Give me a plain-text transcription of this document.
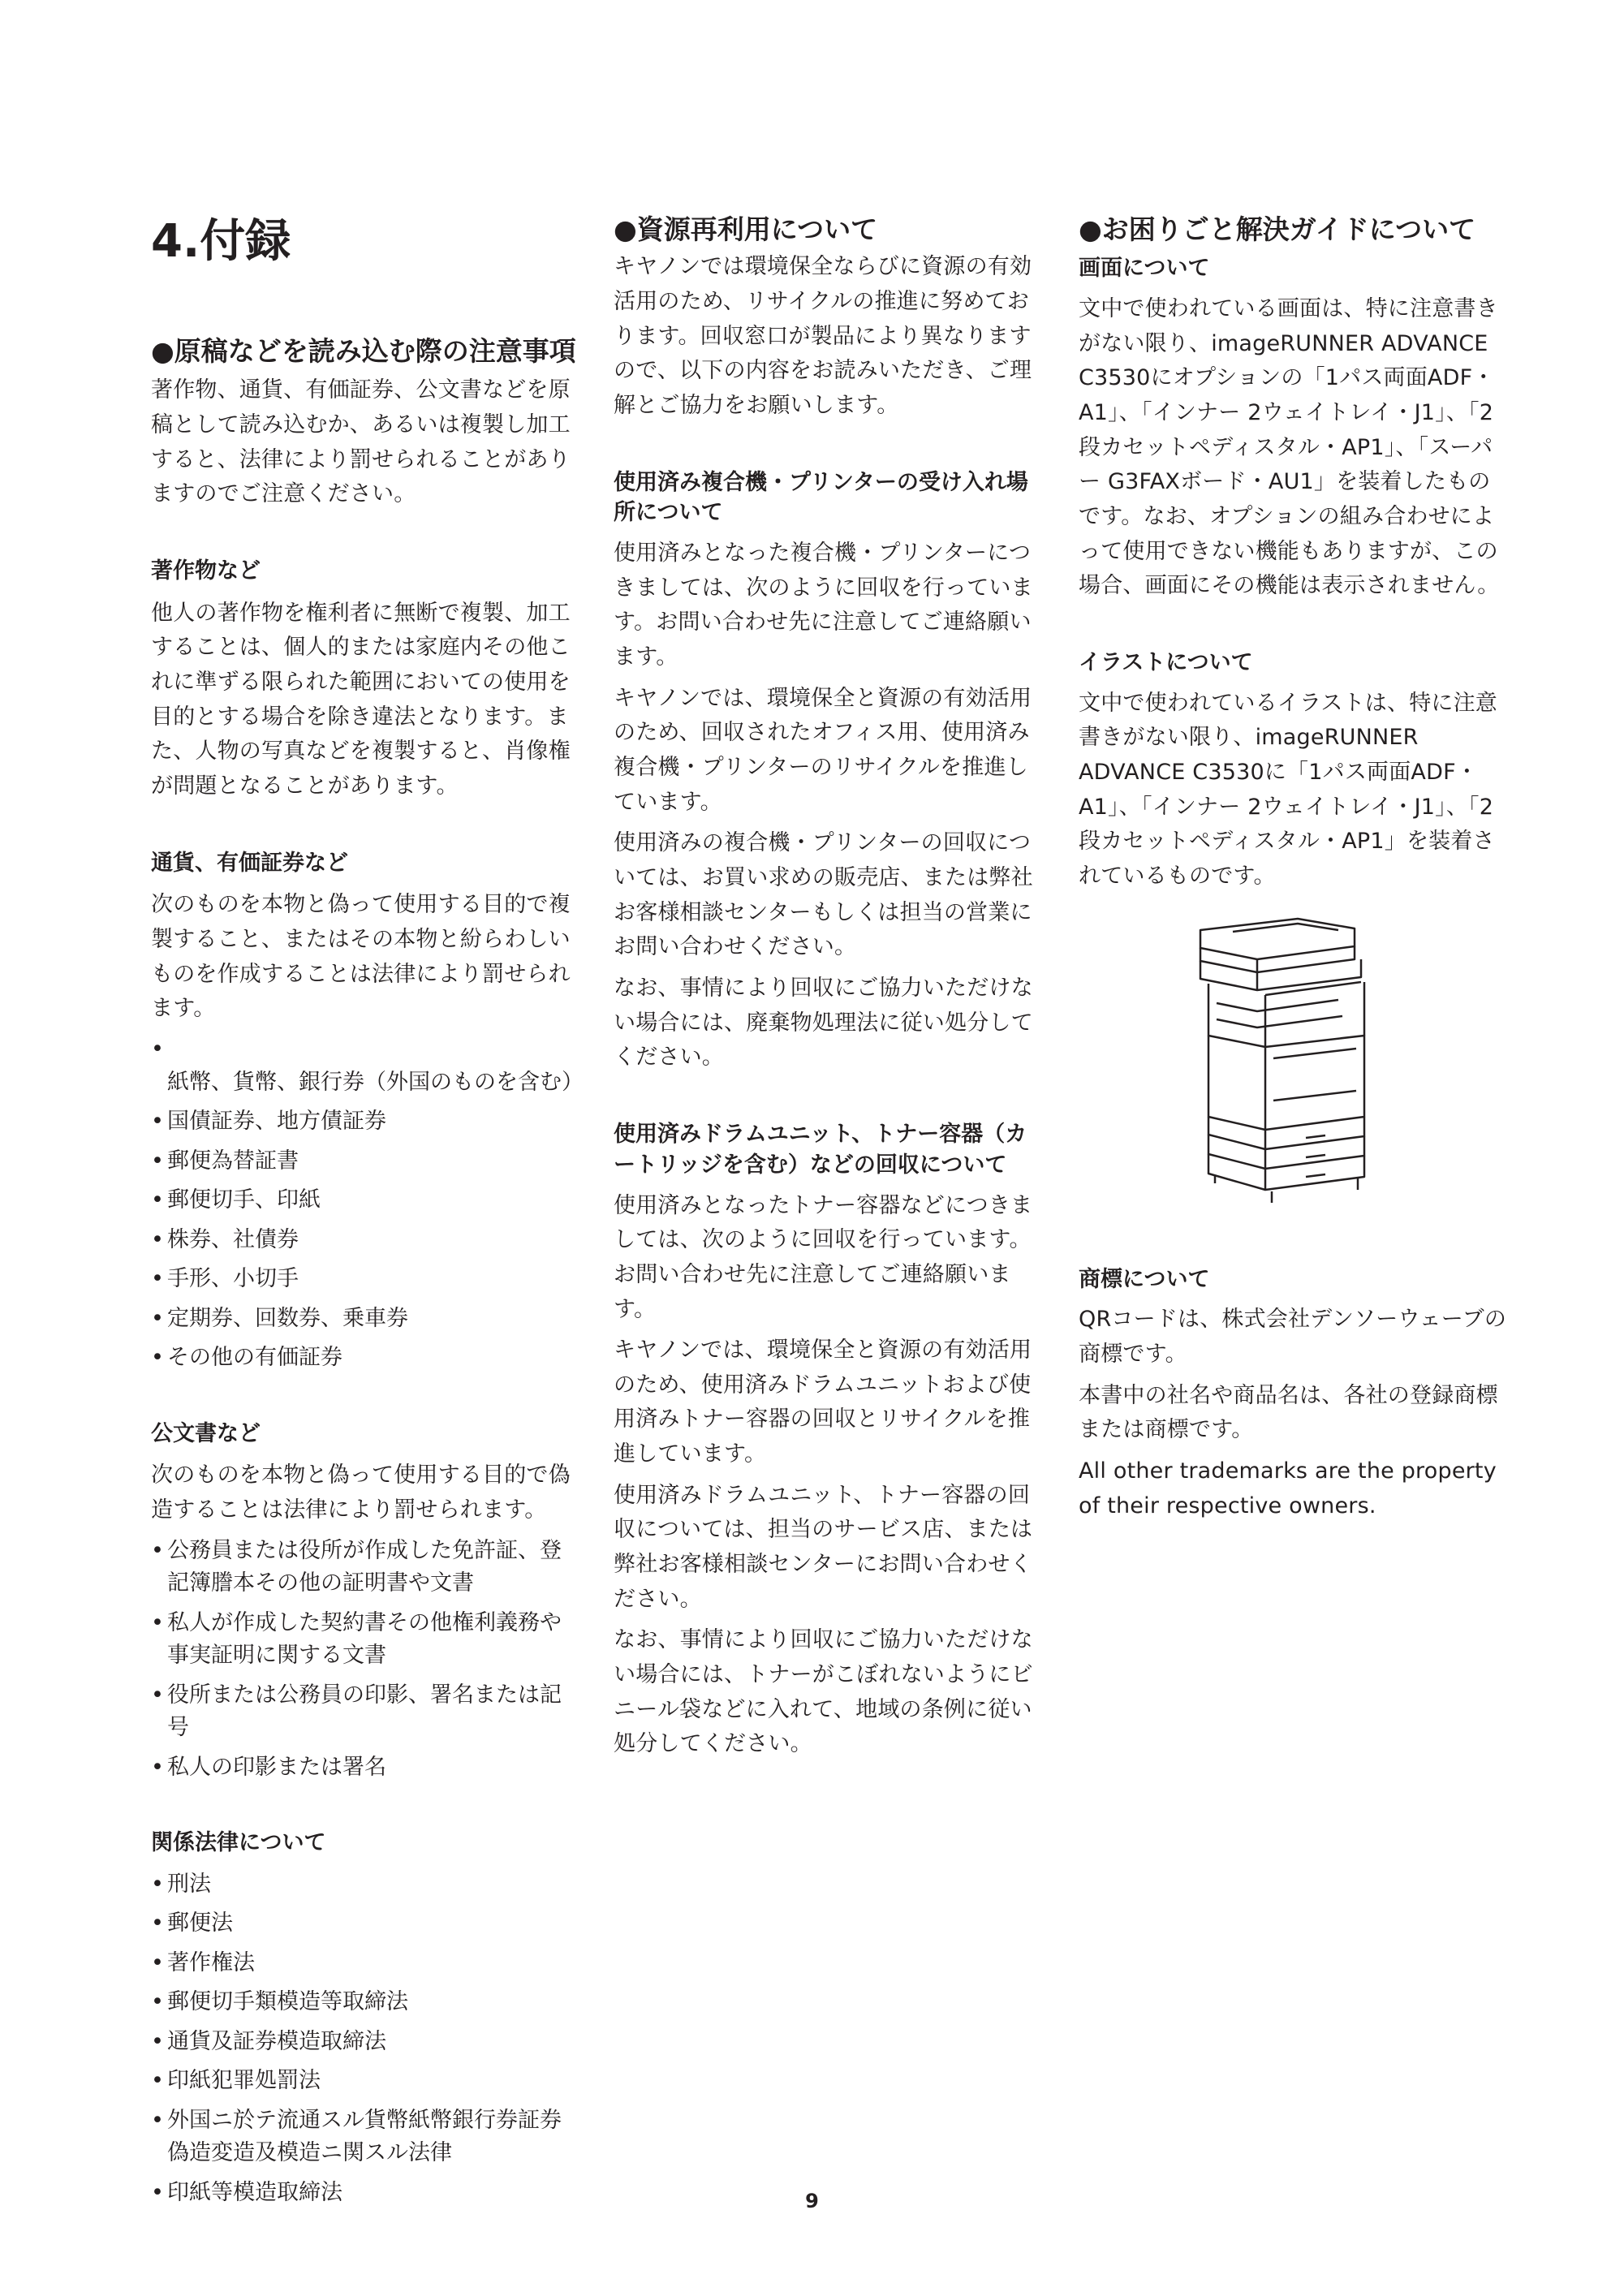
4.付録
●原稿などを読み込む際の注意事項

著作物、通貨、有価証券、公文書などを原稿として読み込むか、あるいは複製し加工すると、法律により罰せられることがありますのでご注意ください。

著作物など

他人の著作物を権利者に無断で複製、加工することは、個人的または家庭内その他これに準ずる限られた範囲においての使用を目的とする場合を除き違法となります。また、人物の写真などを複製すると、肖像権が問題となることがあります。

通貨、有価証券など

次のものを本物と偽って使用する目的で複製すること、またはその本物と紛らわしいものを作成することは法律により罰せられます。

• 紙幣、貨幣、銀行券（外国のものを含む）
• 国債証券、地方債証券
• 郵便為替証書
• 郵便切手、印紙
• 株券、社債券
• 手形、小切手
• 定期券、回数券、乗車券
• その他の有価証券
公文書など

次のものを本物と偽って使用する目的で偽造することは法律により罰せられます。

• 公務員または役所が作成した免許証、登記簿謄本その他の証明書や文書
• 私人が作成した契約書その他権利義務や事実証明に関する文書
• 役所または公務員の印影、署名または記号
• 私人の印影または署名
関係法律について
• 刑法
• 郵便法
• 著作権法
• 郵便切手類模造等取締法
• 通貨及証券模造取締法
• 印紙犯罪処罰法
• 外国ニ於テ流通スル貨幣紙幣銀行券証券偽造変造及模造ニ関スル法律
• 印紙等模造取締法
●資源再利用について

キヤノンでは環境保全ならびに資源の有効活用のため、リサイクルの推進に努めております。回収窓口が製品により異なりますので、以下の内容をお読みいただき、ご理解とご協力をお願いします。

使用済み複合機・プリンターの受け入れ場所について

使用済みとなった複合機・プリンターにつきましては、次のように回収を行っています。お問い合わせ先に注意してご連絡願います。

キヤノンでは、環境保全と資源の有効活用のため、回収されたオフィス用、使用済み複合機・プリンターのリサイクルを推進しています。

使用済みの複合機・プリンターの回収については、お買い求めの販売店、または弊社お客様相談センターもしくは担当の営業にお問い合わせください。

なお、事情により回収にご協力いただけない場合には、廃棄物処理法に従い処分してください。

使用済みドラムユニット、トナー容器（カートリッジを含む）などの回収について

使用済みとなったトナー容器などにつきましては、次のように回収を行っています。お問い合わせ先に注意してご連絡願います。

キヤノンでは、環境保全と資源の有効活用のため、使用済みドラムユニットおよび使用済みトナー容器の回収とリサイクルを推進しています。

使用済みドラムユニット、トナー容器の回収については、担当のサービス店、または弊社お客様相談センターにお問い合わせください。

なお、事情により回収にご協力いただけない場合には、トナーがこぼれないようにビニール袋などに入れて、地域の条例に従い処分してください。

●お困りごと解決ガイドについて
画面について

文中で使われている画面は、特に注意書きがない限り、imageRUNNER ADVANCE C3530にオプションの「1パス両面ADF・A1」、「インナー 2ウェイトレイ・J1」、「2段カセットペディスタル・AP1」、「スーパー G3FAXボード・AU1」を装着したものです。なお、オプションの組み合わせによって使用できない機能もありますが、この場合、画面にその機能は表示されません。

イラストについて

文中で使われているイラストは、特に注意書きがない限り、imageRUNNER ADVANCE C3530に「1パス両面ADF・A1」、「インナー 2ウェイトレイ・J1」、「2段カセットペディスタル・AP1」を装着されているものです。

商標について

QRコードは、株式会社デンソーウェーブの商標です。

本書中の社名や商品名は、各社の登録商標または商標です。

All other trademarks are the property of their respective owners.

9
